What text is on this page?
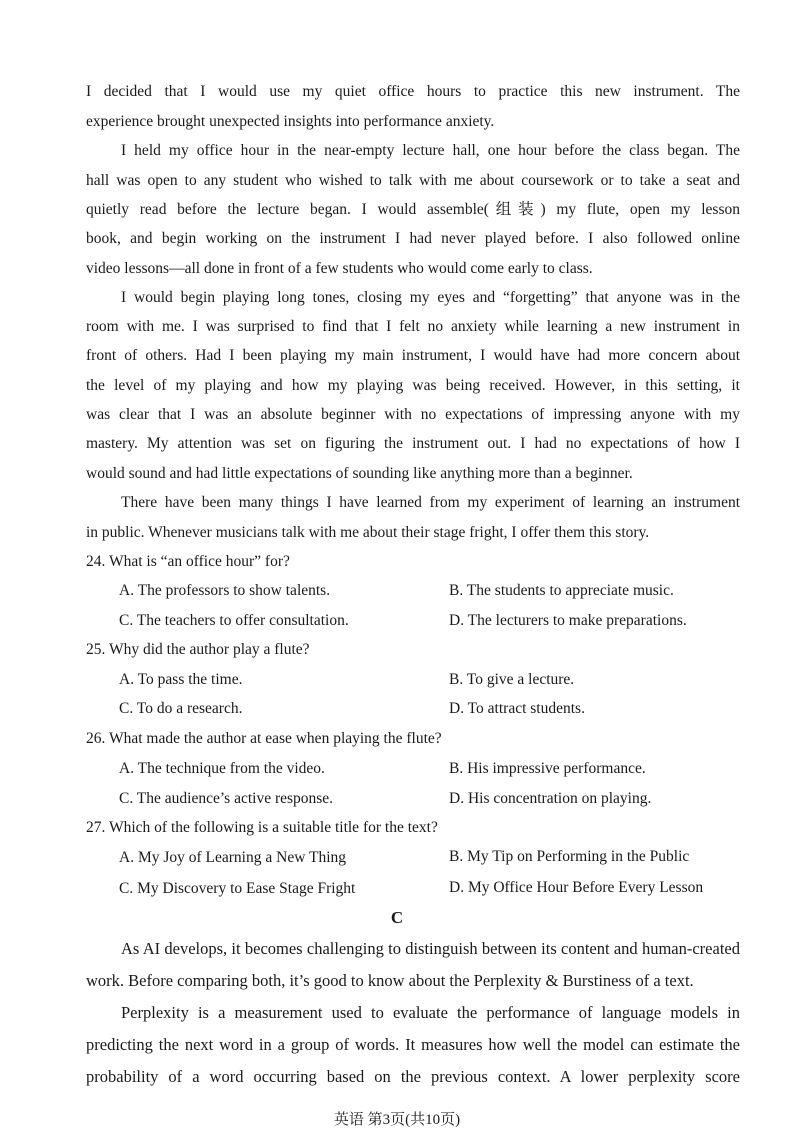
I decided that I would use my quiet office hours to practice this new instrument. The
experience brought unexpected insights into performance anxiety.
I held my office hour in the near-empty lecture hall, one hour before the class began. The
hall was open to any student who wished to talk with me about coursework or to take a seat and
quietly read before the lecture began. I would assemble(组装) my flute, open my lesson
book, and begin working on the instrument I had never played before. I also followed online
video lessons—all done in front of a few students who would come early to class.
I would begin playing long tones, closing my eyes and “forgetting” that anyone was in the
room with me. I was surprised to find that I felt no anxiety while learning a new instrument in
front of others. Had I been playing my main instrument, I would have had more concern about
the level of my playing and how my playing was being received. However, in this setting, it
was clear that I was an absolute beginner with no expectations of impressing anyone with my
mastery. My attention was set on figuring the instrument out. I had no expectations of how I
would sound and had little expectations of sounding like anything more than a beginner.
There have been many things I have learned from my experiment of learning an instrument
in public. Whenever musicians talk with me about their stage fright, I offer them this story.
24. What is “an office hour” for?
A. The professors to show talents.	B. The students to appreciate music.
C. The teachers to offer consultation.	D. The lecturers to make preparations.
25. Why did the author play a flute?
A. To pass the time.	B. To give a lecture.
C. To do a research.	D. To attract students.
26. What made the author at ease when playing the flute?
A. The technique from the video.	B. His impressive performance.
C. The audience’s active response.	D. His concentration on playing.
27. Which of the following is a suitable title for the text?
A. My Joy of Learning a New Thing	B. My Tip on Performing in the Public
C. My Discovery to Ease Stage Fright	D. My Office Hour Before Every Lesson
C
As AI develops, it becomes challenging to distinguish between its content and human-created
work. Before comparing both, it’s good to know about the Perplexity & Burstiness of a text.
Perplexity is a measurement used to evaluate the performance of language models in
predicting the next word in a group of words. It measures how well the model can estimate the
probability of a word occurring based on the previous context. A lower perplexity score
英语 第3页(共10页)
